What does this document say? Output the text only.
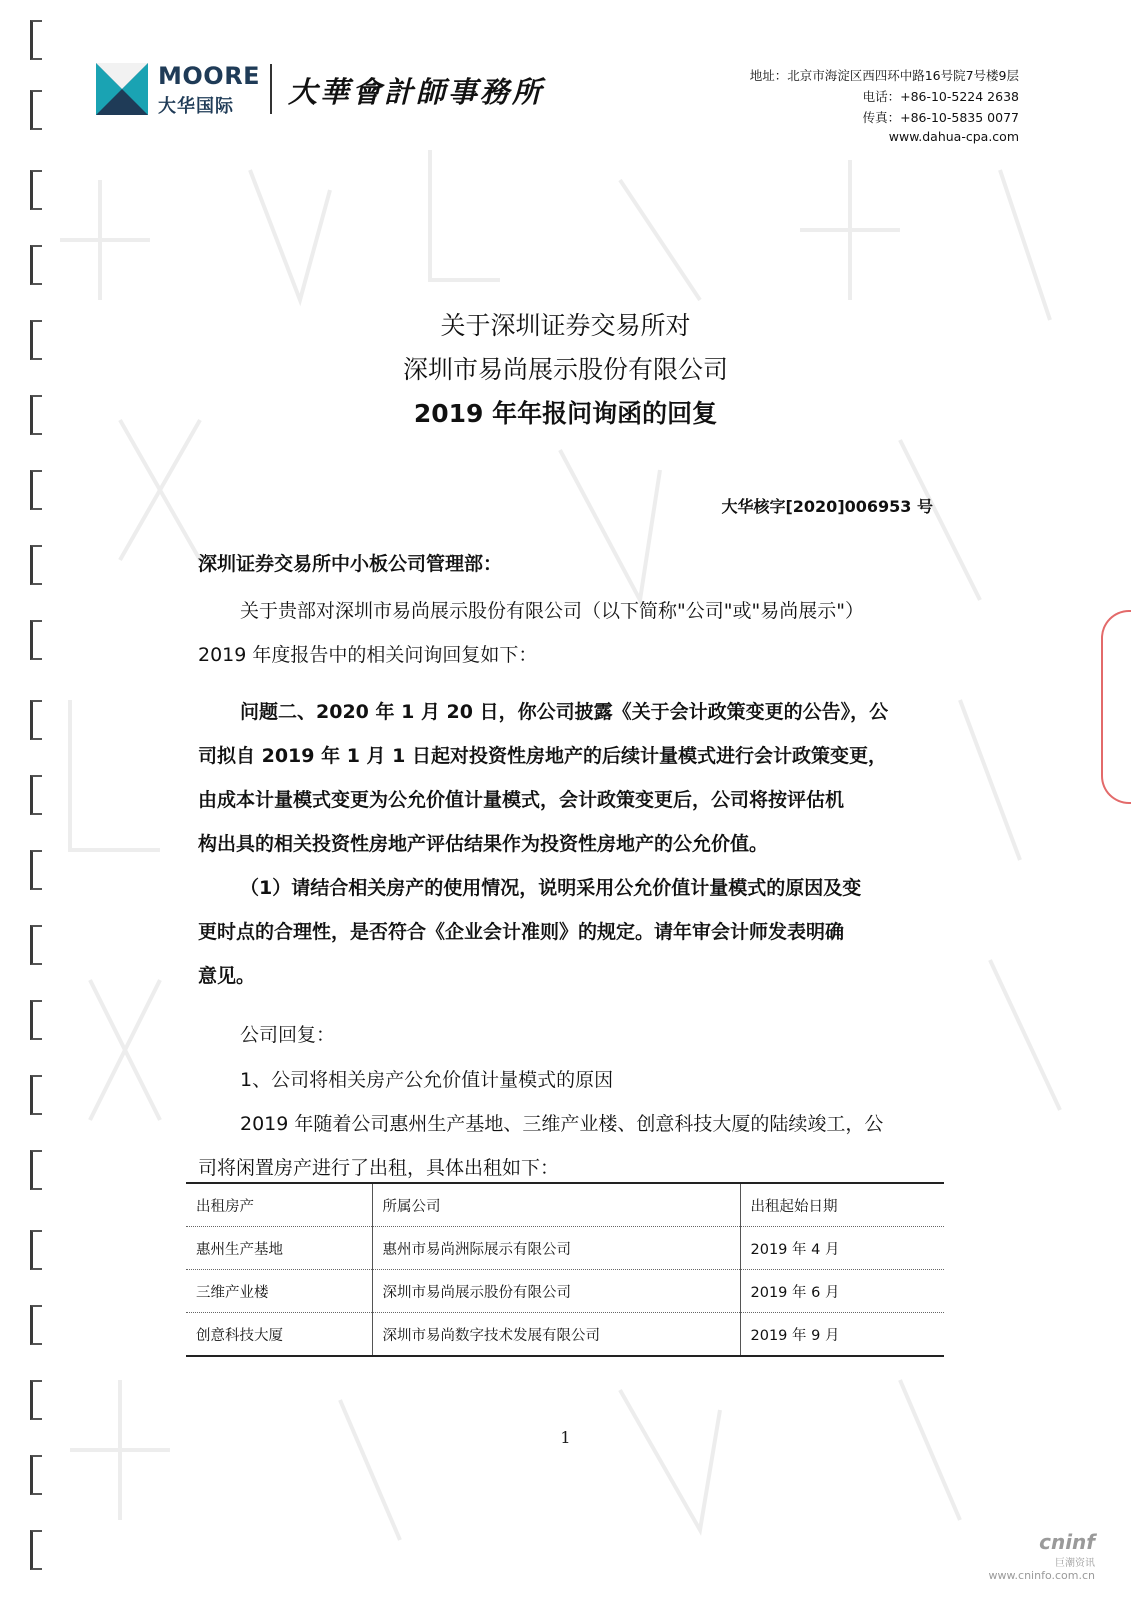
MOORE
大华国际 大華會計師事務所	地址：北京市海淀区西四环中路16号院7号楼9层
电话：+86-10-5224 2638
传真：+86-10-5835 0077
www.dahua-cpa.com
关于深圳证券交易所对
深圳市易尚展示股份有限公司
2019 年年报问询函的回复
大华核字[2020]006953 号
深圳证券交易所中小板公司管理部：
关于贵部对深圳市易尚展示股份有限公司（以下简称"公司"或"易尚展示"）
2019 年度报告中的相关问询回复如下：
问题二、2020 年 1 月 20 日，你公司披露《关于会计政策变更的公告》，公
司拟自 2019 年 1 月 1 日起对投资性房地产的后续计量模式进行会计政策变更，
由成本计量模式变更为公允价值计量模式，会计政策变更后，公司将按评估机
构出具的相关投资性房地产评估结果作为投资性房地产的公允价值。
（1）请结合相关房产的使用情况，说明采用公允价值计量模式的原因及变
更时点的合理性，是否符合《企业会计准则》的规定。请年审会计师发表明确
意见。
公司回复：
1、公司将相关房产公允价值计量模式的原因
2019 年随着公司惠州生产基地、三维产业楼、创意科技大厦的陆续竣工，公
司将闲置房产进行了出租，具体出租如下：
出租房产	所属公司	出租起始日期
惠州生产基地	惠州市易尚洲际展示有限公司	2019 年 4 月
三维产业楼	深圳市易尚展示股份有限公司	2019 年 6 月
创意科技大厦	深圳市易尚数字技术发展有限公司	2019 年 9 月
1
cninf
巨潮资讯
www.cninfo.com.cn
